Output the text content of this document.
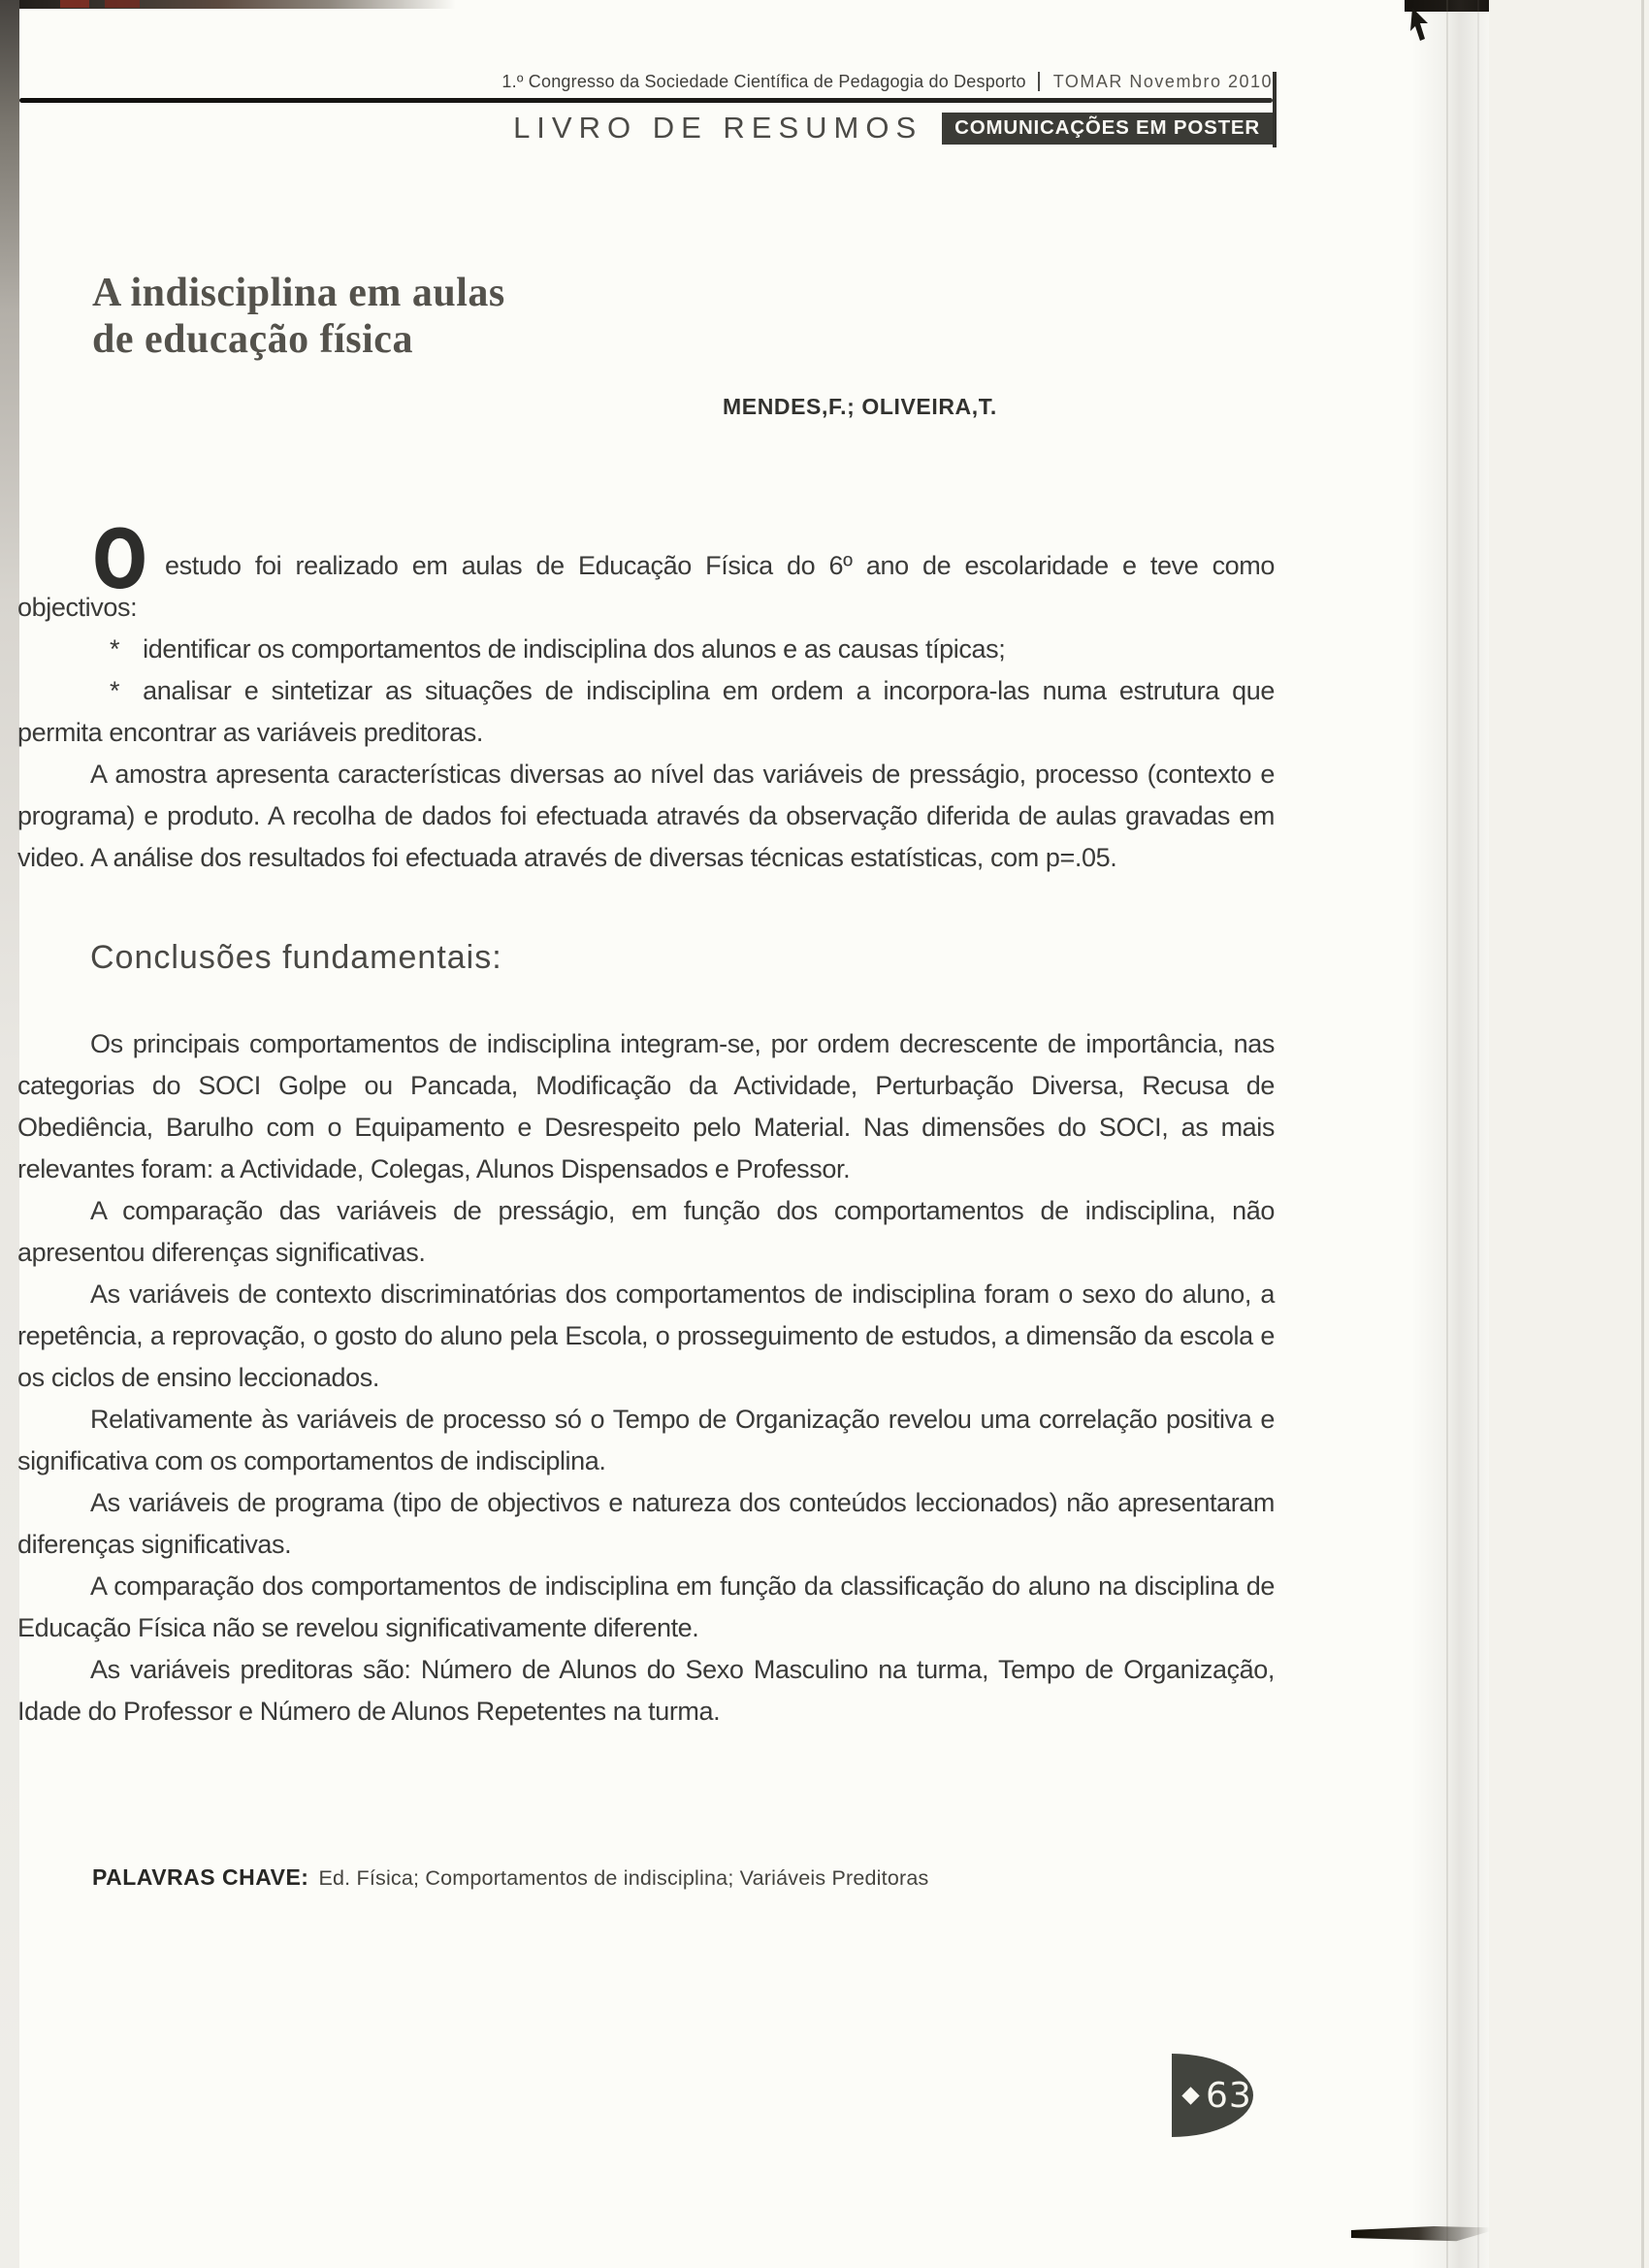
1.º Congresso da Sociedade Científica de Pedagogia do Desporto TOMAR Novembro 2010
LIVRO DE RESUMOS	COMUNICAÇÕES EM POSTER
A indisciplina em aulas
de educação física
MENDES,F.; OLIVEIRA,T.

O estudo foi realizado em aulas de Educação Física do 6º ano de escolaridade e teve como objectivos:

* identificar os comportamentos de indisciplina dos alunos e as causas típicas;

* analisar e sintetizar as situações de indisciplina em ordem a incorpora-las numa estrutura que permita encontrar as variáveis preditoras.

A amostra apresenta características diversas ao nível das variáveis de presságio, processo (contexto e programa) e produto. A recolha de dados foi efectuada através da observação diferida de aulas gravadas em video. A análise dos resultados foi efectuada através de diversas técnicas estatísticas, com p=.05.

Conclusões fundamentais:

Os principais comportamentos de indisciplina integram-se, por ordem decrescente de importância, nas categorias do SOCI Golpe ou Pancada, Modificação da Actividade, Perturbação Diversa, Recusa de Obediência, Barulho com o Equipamento e Desrespeito pelo Material. Nas dimensões do SOCI, as mais relevantes foram: a Actividade, Colegas, Alunos Dispensados e Professor.

A comparação das variáveis de presságio, em função dos comportamentos de indisciplina, não apresentou diferenças significativas.

As variáveis de contexto discriminatórias dos comportamentos de indisciplina foram o sexo do aluno, a repetência, a reprovação, o gosto do aluno pela Escola, o prosseguimento de estudos, a dimensão da escola e os ciclos de ensino leccionados.

Relativamente às variáveis de processo só o Tempo de Organização revelou uma correlação positiva e significativa com os comportamentos de indisciplina.

As variáveis de programa (tipo de objectivos e natureza dos conteúdos leccionados) não apresentaram diferenças significativas.

A comparação dos comportamentos de indisciplina em função da classificação do aluno na disciplina de Educação Física não se revelou significativamente diferente.

As variáveis preditoras são: Número de Alunos do Sexo Masculino na turma, Tempo de Organização, Idade do Professor e Número de Alunos Repetentes na turma.

PALAVRAS CHAVE: Ed. Física; Comportamentos de indisciplina; Variáveis Preditoras
63
